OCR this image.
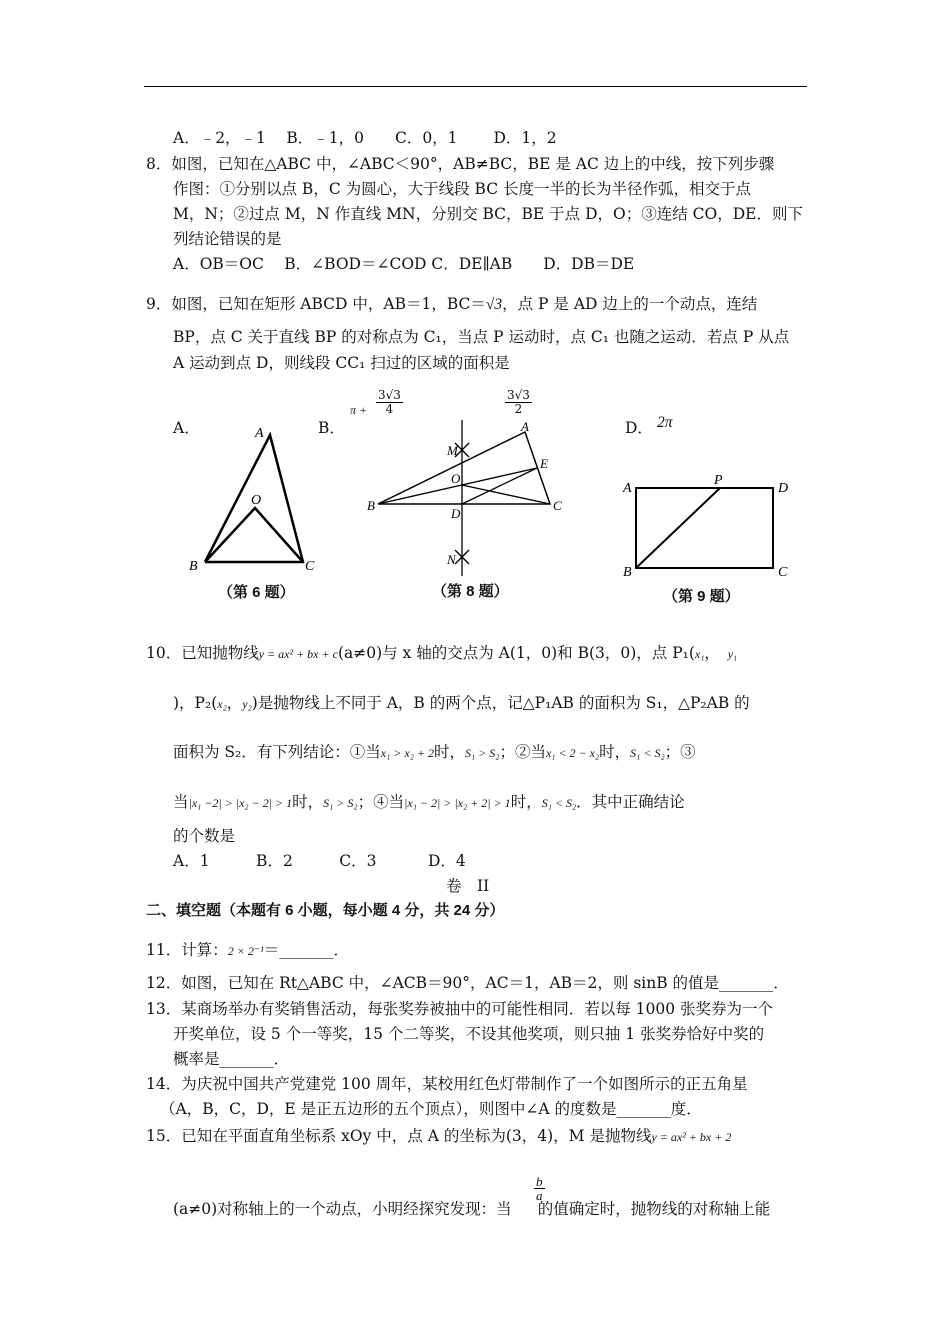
A．﹣2，﹣1　 B．﹣1，0　　C．0，1　　 D．1，2
8．如图，已知在△ABC 中，∠ABC＜90°，AB≠BC，BE 是 AC 边上的中线，按下列步骤
作图：①分别以点 B，C 为圆心，大于线段 BC 长度一半的长为半径作弧，相交于点
M，N；②过点 M，N 作直线 MN，分别交 BC，BE 于点 D，O；③连结 CO，DE．则下
列结论错误的是
A．OB＝OC　 B．∠BOD＝∠COD C．DE∥AB　　D．DB＝DE
9．如图，已知在矩形 ABCD 中，AB＝1，BC＝√3，点 P 是 AD 边上的一个动点，连结
BP，点 C 关于直线 BP 的对称点为 C₁，当点 P 运动时，点 C₁ 也随之运动．若点 P 从点
A 运动到点 D，则线段 CC₁ 扫过的区域的面积是
A．	B．
$\pi + \frac{3√3}{4}$	$\frac{3√3}{2}$
D． 2π
A
O
B	C
（第 6 题）
A
M
E
O
B	C
D
N
（第 8 题）
A
P
D
B	C
（第 9 题）
10．已知抛物线y = ax² + bx + c(a≠0)与 x 轴的交点为 A(1，0)和 B(3，0)，点 P₁(x₁，　y₁
)，P₂(x₂，y₂)是抛物线上不同于 A，B 的两个点，记△P₁AB 的面积为 S₁，△P₂AB 的
面积为 S₂．有下列结论：①当x₁ > x₂ + 2时，S₁ > S₂；②当x₁ < 2 − x₂时，S₁ < S₂；③
当|x₁ −2| > |x₂ − 2| > 1时，S₁ > S₂；④当|x₁ − 2| > |x₂ + 2| > 1时，S₁ < S₂．其中正确结论
的个数是
A．1　　　B．2　　　C．3　　　 D．4
卷　II
二、填空题（本题有 6 小题，每小题 4 分，共 24 分）
11．计算：2 × 2⁻¹＝_______．
12．如图，已知在 Rt△ABC 中，∠ACB＝90°，AC＝1，AB＝2，则 sinB 的值是_______．
13．某商场举办有奖销售活动，每张奖券被抽中的可能性相同．若以每 1000 张奖券为一个
开奖单位，设 5 个一等奖，15 个二等奖，不设其他奖项，则只抽 1 张奖券恰好中奖的
概率是_______．
14．为庆祝中国共产党建党 100 周年，某校用红色灯带制作了一个如图所示的正五角星
（A，B，C，D，E 是正五边形的五个顶点），则图中∠A 的度数是_______度．
15．已知在平面直角坐标系 xOy 中，点 A 的坐标为(3，4)，M 是抛物线y = ax² + bx + 2
$\frac{b}{a}$
(a≠0)对称轴上的一个动点，小明经探究发现：当 的值确定时，抛物线的对称轴上能
